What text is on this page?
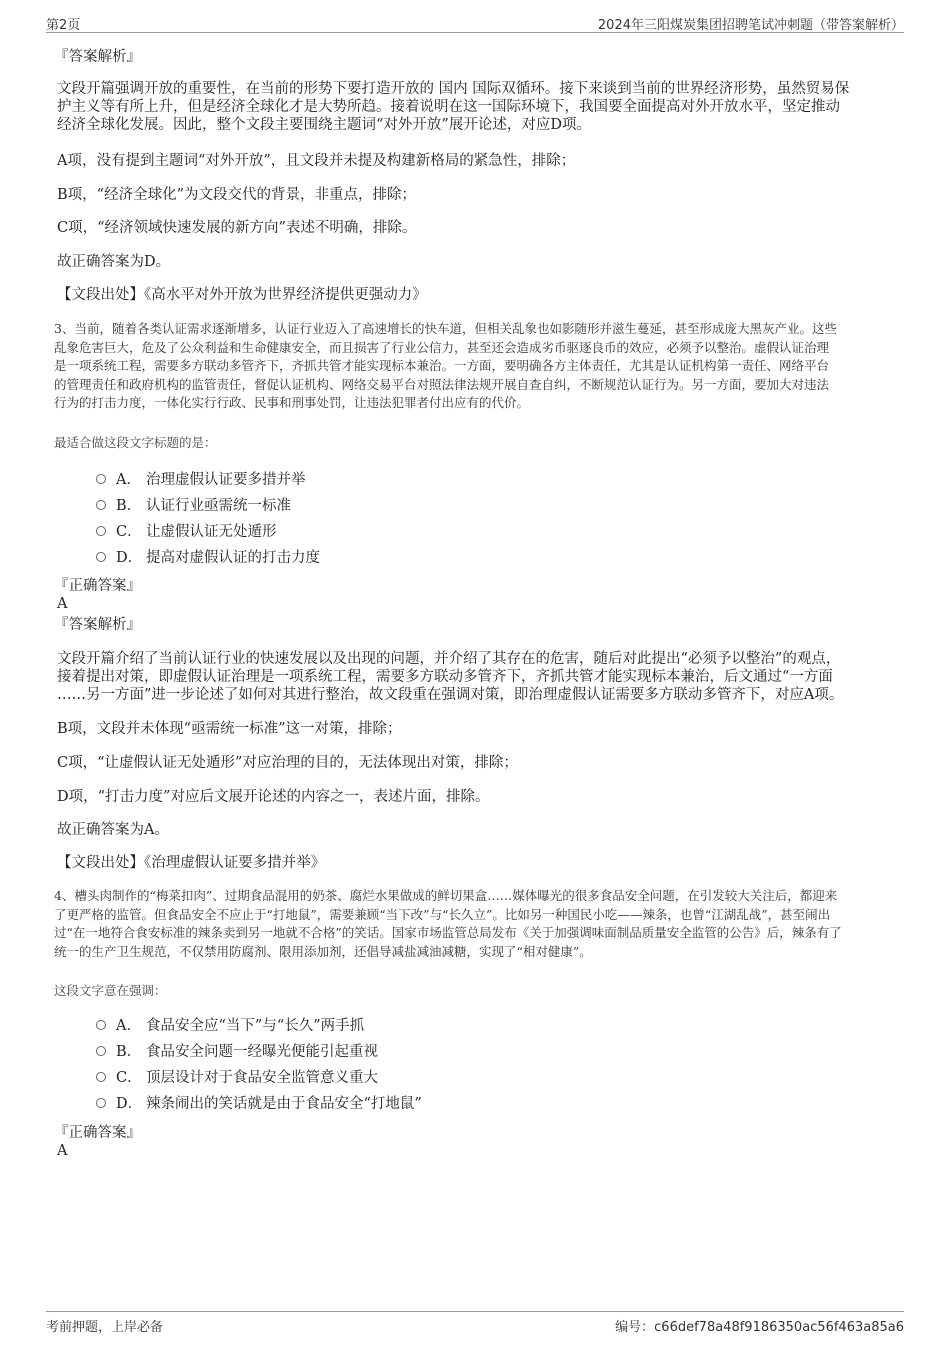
第2页	2024年三阳煤炭集团招聘笔试冲刺题（带答案解析）
『答案解析』
文段开篇强调开放的重要性，在当前的形势下要打造开放的 国内 国际双循环。接下来谈到当前的世界经济形势，虽然贸易保
护主义等有所上升，但是经济全球化才是大势所趋。接着说明在这一国际环境下，我国要全面提高对外开放水平，坚定推动
经济全球化发展。因此，整个文段主要围绕主题词“对外开放”展开论述，对应D项。
A项，没有提到主题词“对外开放”，且文段并未提及构建新格局的紧急性，排除；
B项，“经济全球化”为文段交代的背景，非重点，排除；
C项，“经济领域快速发展的新方向”表述不明确，排除。
故正确答案为D。
【文段出处】《高水平对外开放为世界经济提供更强动力》
3、当前，随着各类认证需求逐渐增多，认证行业迈入了高速增长的快车道，但相关乱象也如影随形并滋生蔓延，甚至形成庞大黑灰产业。这些
乱象危害巨大，危及了公众利益和生命健康安全，而且损害了行业公信力，甚至还会造成劣币驱逐良币的效应，必须予以整治。虚假认证治理
是一项系统工程，需要多方联动多管齐下，齐抓共管才能实现标本兼治。一方面，要明确各方主体责任，尤其是认证机构第一责任、网络平台
的管理责任和政府机构的监管责任，督促认证机构、网络交易平台对照法律法规开展自查自纠，不断规范认证行为。另一方面，要加大对违法
行为的打击力度，一体化实行行政、民事和刑事处罚，让违法犯罪者付出应有的代价。
最适合做这段文字标题的是：
A． 治理虚假认证要多措并举
B． 认证行业亟需统一标准
C． 让虚假认证无处遁形
D． 提高对虚假认证的打击力度
『正确答案』
A
『答案解析』
文段开篇介绍了当前认证行业的快速发展以及出现的问题，并介绍了其存在的危害，随后对此提出“必须予以整治”的观点，
接着提出对策，即虚假认证治理是一项系统工程，需要多方联动多管齐下，齐抓共管才能实现标本兼治，后文通过“一方面
……另一方面”进一步论述了如何对其进行整治，故文段重在强调对策，即治理虚假认证需要多方联动多管齐下，对应A项。
B项，文段并未体现“亟需统一标准”这一对策，排除；
C项，“让虚假认证无处遁形”对应治理的目的，无法体现出对策，排除；
D项，“打击力度”对应后文展开论述的内容之一，表述片面，排除。
故正确答案为A。
【文段出处】《治理虚假认证要多措并举》
4、槽头肉制作的“梅菜扣肉”、过期食品混用的奶茶、腐烂水果做成的鲜切果盒……媒体曝光的很多食品安全问题，在引发较大关注后，都迎来
了更严格的监管。但食品安全不应止于“打地鼠”，需要兼顾“当下改”与“长久立”。比如另一种国民小吃——辣条，也曾“江湖乱战”，甚至闹出
过“在一地符合食安标准的辣条卖到另一地就不合格”的笑话。国家市场监管总局发布《关于加强调味面制品质量安全监管的公告》后，辣条有了
统一的生产卫生规范，不仅禁用防腐剂、限用添加剂，还倡导减盐减油减糖，实现了“相对健康”。
这段文字意在强调：
A． 食品安全应“当下”与“长久”两手抓
B． 食品安全问题一经曝光便能引起重视
C． 顶层设计对于食品安全监管意义重大
D． 辣条闹出的笑话就是由于食品安全“打地鼠”
『正确答案』
A
考前押题，上岸必备	编号：c66def78a48f9186350ac56f463a85a6
